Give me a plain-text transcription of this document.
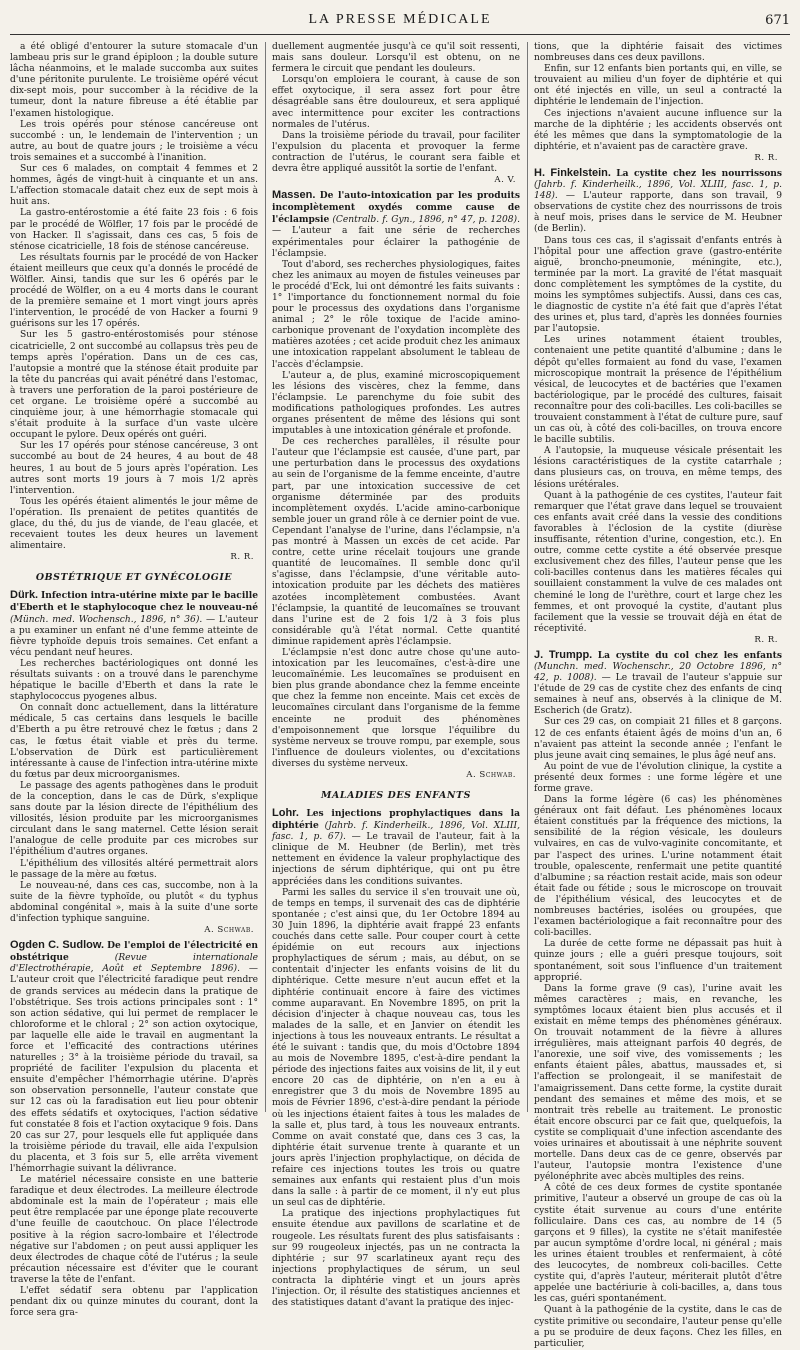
LA PRESSE MÉDICALE	671

a été obligé d'entourer la suture stomacale d'un lambeau pris sur le grand épiploon ; la double suture lâcha néanmoins, et le malade succomba aux suites d'une péritonite purulente. Le troisième opéré vécut dix-sept mois, pour succomber à la récidive de la tumeur, dont la nature fibreuse a été établie par l'examen histologique.

Les trois opérés pour sténose cancéreuse ont succombé : un, le lendemain de l'intervention ; un autre, au bout de quatre jours ; le troisième a vécu trois semaines et a succombé à l'inanition.

Sur ces 6 malades, on comptait 4 femmes et 2 hommes, âgés de vingt-huit à cinquante et un ans. L'affection stomacale datait chez eux de sept mois à huit ans.

La gastro-entérostomie a été faite 23 fois : 6 fois par le procédé de Wölfler, 17 fois par le procédé de von Hacker. Il s'agissait, dans ces cas, 5 fois de sténose cicatricielle, 18 fois de sténose cancéreuse.

Les résultats fournis par le procédé de von Hacker étaient meilleurs que ceux qu'a donnés le procédé de Wölfler. Ainsi, tandis que sur les 6 opérés par le procédé de Wölfler, on a eu 4 morts dans le courant de la première semaine et 1 mort vingt jours après l'intervention, le procédé de von Hacker a fourni 9 guérisons sur les 17 opérés.

Sur les 5 gastro-entérostomisés pour sténose cicatricielle, 2 ont succombé au collapsus très peu de temps après l'opération. Dans un de ces cas, l'autopsie a montré que la sténose était produite par la tête du pancréas qui avait pénétré dans l'estomac, à travers une perforation de la paroi postérieure de cet organe. Le troisième opéré a succombé au cinquième jour, à une hémorrhagie stomacale qui s'était produite à la surface d'un vaste ulcère occupant le pylore. Deux opérés ont guéri.

Sur les 17 opérés pour sténose cancéreuse, 3 ont succombé au bout de 24 heures, 4 au bout de 48 heures, 1 au bout de 5 jours après l'opération. Les autres sont morts 19 jours à 7 mois 1/2 après l'intervention.

Tous les opérés étaient alimentés le jour même de l'opération. Ils prenaient de petites quantités de glace, du thé, du jus de viande, de l'eau glacée, et recevaient toutes les deux heures un lavement alimentaire.

R. R.
OBSTÉTRIQUE ET GYNÉCOLOGIE
Dürk. Infection intra-utérine mixte par le bacille d'Eberth et le staphylocoque chez le nouveau-né (Münch. med. Wochensch., 1896, n° 36). — L'auteur a pu examiner un enfant né d'une femme atteinte de fièvre typhoïde depuis trois semaines. Cet enfant a vécu pendant neuf heures.

Les recherches bactériologiques ont donné les résultats suivants : on a trouvé dans le parenchyme hépatique le bacille d'Eberth et dans la rate le staphylococcus pyogenes albus.

On connaît donc actuellement, dans la littérature médicale, 5 cas certains dans lesquels le bacille d'Eberth a pu être retrouvé chez le fœtus ; dans 2 cas, le fœtus était viable et près du terme. L'observation de Dürk est particulièrement intéressante à cause de l'infection intra-utérine mixte du fœtus par deux microorganismes.

Le passage des agents pathogènes dans le produit de la conception, dans le cas de Dürk, s'explique sans doute par la lésion directe de l'épithélium des villosités, lésion produite par les microorganismes circulant dans le sang maternel. Cette lésion serait l'analogue de celle produite par ces microbes sur l'épithélium d'autres organes.

L'épithélium des villosités altéré permettrait alors le passage de la mère au fœtus.

Le nouveau-né, dans ces cas, succombe, non à la suite de la fièvre typhoïde, ou plutôt « du typhus abdominal congénital », mais à la suite d'une sorte d'infection typhique sanguine.

A. Schwab.
Ogden C. Sudlow. De l'emploi de l'électricité en obstétrique	(Revue internationale d'Electrothérapie, Août et Septembre 1896). — L'auteur croit que l'électricité faradique peut rendre de grands services au médecin dans la pratique de l'obstétrique. Ses trois actions principales sont : 1° son action sédative, qui lui permet de remplacer le chloroforme et le chloral ; 2° son action oxytocique, par laquelle elle aide le travail en augmentant la force et l'efficacité des contractions utérines naturelles ; 3° à la troisième période du travail, sa propriété de faciliter l'expulsion du placenta et ensuite d'empêcher l'hémorrhagie utérine. D'après son observation personnelle, l'auteur constate que sur 12 cas où la faradisation eut lieu pour obtenir des effets sédatifs et oxytociques, l'action sédative fut constatée 8 fois et l'action oxytacique 9 fois. Dans 20 cas sur 27, pour lesquels elle fut appliquée dans la troisième période du travail, elle aida l'expulsion du placenta, et 3 fois sur 5, elle arrêta vivement l'hémorrhagie suivant la délivrance.

Le matériel nécessaire consiste en une batterie faradique et deux électrodes. La meilleure électrode abdominale est la main de l'opérateur ; mais elle peut être remplacée par une éponge plate recouverte d'une feuille de caoutchouc. On place l'électrode positive à la région sacro-lombaire et l'électrode négative sur l'abdomen ; on peut aussi appliquer les deux électrodes de chaque côté de l'utérus ; la seule précaution nécessaire est d'éviter que le courant traverse la tête de l'enfant.

L'effet sédatif sera obtenu par l'application pendant dix ou quinze minutes du courant, dont la force sera gra-

duellement augmentée jusqu'à ce qu'il soit ressenti, mais sans douleur. Lorsqu'il est obtenu, on ne fermera le circuit que pendant les douleurs.

Lorsqu'on emploiera le courant, à cause de son effet oxytocique, il sera assez fort pour être désagréable sans être douloureux, et sera appliqué avec intermittence pour exciter les contractions normales de l'utérus.

Dans la troisième période du travail, pour faciliter l'expulsion du placenta et provoquer la ferme contraction de l'utérus, le courant sera faible et devra être appliqué aussitôt la sortie de l'enfant.

A. V.
Massen. De l'auto-intoxication par les produits incomplètement oxydés comme cause de l'éclampsie (Centralb. f. Gyn., 1896, n° 47, p. 1208). — L'auteur a fait une série de recherches expérimentales pour éclairer la pathogénie de l'éclampsie.

Tout d'abord, ses recherches physiologiques, faites chez les animaux au moyen de fistules veineuses par le procédé d'Eck, lui ont démontré les faits suivants : 1° l'importance du fonctionnement normal du foie pour le processus des oxydations dans l'organisme animal ; 2° le rôle toxique de l'acide amino-carbonique provenant de l'oxydation incomplète des matières azotées ; cet acide produit chez les animaux une intoxication rappelant absolument le tableau de l'accès d'éclampsie.

L'auteur a, de plus, examiné microscopiquement les lésions des viscères, chez la femme, dans l'éclampsie. Le parenchyme du foie subit des modifications pathologiques profondes. Les autres organes présentent de même des lésions qui sont imputables à une intoxication générale et profonde.

De ces recherches parallèles, il résulte pour l'auteur que l'éclampsie est causée, d'une part, par une perturbation dans le processus des oxydations au sein de l'organisme de la femme enceinte, d'autre part, par une intoxication successive de cet organisme déterminée par des produits incomplètement oxydés. L'acide amino-carbonique semble jouer un grand rôle à ce dernier point de vue. Cependant l'analyse de l'urine, dans l'éclampsie, n'a pas montré à Massen un excès de cet acide. Par contre, cette urine récelait toujours une grande quantité de leucomaïnes. Il semble donc qu'il s'agisse, dans l'éclampsie, d'une véritable auto-intoxication produite par les déchets des matières azotées incomplètement combustées. Avant l'éclampsie, la quantité de leucomaïnes se trouvant dans l'urine est de 2 fois 1/2 à 3 fois plus considérable qu'à l'état normal. Cette quantité diminue rapidement après l'éclampsie.

L'éclampsie n'est donc autre chose qu'une auto-intoxication par les leucomaïnes, c'est-à-dire une leucomaïnémie. Les leucomaïnes se produisent en bien plus grande abondance chez la femme enceinte que chez la femme non enceinte. Mais cet excès de leucomaïnes circulant dans l'organisme de la femme enceinte ne produit des phénomènes d'empoisonnement que lorsque l'équilibre du système nerveux se trouve rompu, par exemple, sous l'influence de douleurs violentes, ou d'excitations diverses du système nerveux.

A. Schwab.
MALADIES DES ENFANTS
Lohr. Les injections prophylactiques dans la diphtérie (Jahrb. f. Kinderheilk., 1896, Vol. XLIII, fasc. 1, p. 67). — Le travail de l'auteur, fait à la clinique de M. Heubner (de Berlin), met très nettement en évidence la valeur prophylactique des injections de sérum diphtérique, qui ont pu être appréciées dans les conditions suivantes.

Parmi les salles du service il s'en trouvait une où, de temps en temps, il survenait des cas de diphtérie spontanée ; c'est ainsi que, du 1er Octobre 1894 au 30 Juin 1896, la diphtérie avait frappé 23 enfants couchés dans cette salle. Pour couper court à cette épidémie on eut recours aux injections prophylactiques de sérum ; mais, au début, on se contentait d'injecter les enfants voisins de lit du diphtérique. Cette mesure n'eut aucun effet et la diphtérie continuait encore à faire des victimes comme auparavant. En Novembre 1895, on prit la décision d'injecter à chaque nouveau cas, tous les malades de la salle, et en Janvier on étendit les injections à tous les nouveaux entrants. Le résultat a été le suivant : tandis que, du mois d'Octobre 1894 au mois de Novembre 1895, c'est-à-dire pendant la période des injections faites aux voisins de lit, il y eut encore 20 cas de diphtérie, on n'en a eu à enregistrer que 3 du mois de Novembre 1895 au mois de Février 1896, c'est-à-dire pendant la période où les injections étaient faites à tous les malades de la salle et, plus tard, à tous les nouveaux entrants. Comme on avait constaté que, dans ces 3 cas, la diphtérie était survenue trente à quarante et un jours après l'injection prophylactique, on décida de refaire ces injections toutes les trois ou quatre semaines aux enfants qui restaient plus d'un mois dans la salle : à partir de ce moment, il n'y eut plus un seul cas de diphtérie.

La pratique des injections prophylactiques fut ensuite étendue aux pavillons de scarlatine et de rougeole. Les résultats furent des plus satisfaisants : sur 99 rougeoleux injectés, pas un ne contracta la diphtérie ; sur 97 scarlatineux ayant reçu des injections prophylactiques de sérum, un seul contracta la diphtérie vingt et un jours après l'injection. Or, il résulte des statistiques anciennes et des statistiques datant d'avant la pratique des injec-

tions, que la diphtérie faisait des victimes nombreuses dans ces deux pavillons.

Enfin, sur 12 enfants bien portants qui, en ville, se trouvaient au milieu d'un foyer de diphtérie et qui ont été injectés en ville, un seul a contracté la diphtérie le lendemain de l'injection.

Ces injections n'avaient aucune influence sur la marche de la diphtérie ; les accidents observés ont été les mêmes que dans la symptomatologie de la diphtérie, et n'avaient pas de caractère grave.

R. R.
H. Finkelstein. La cystite chez les nourrissons (Jahrb. f. Kinderheilk., 1896, Vol. XLIII, fasc. 1, p. 148). — L'auteur rapporte, dans son travail, 9 observations de cystite chez des nourrissons de trois à neuf mois, prises dans le service de M. Heubner (de Berlin).

Dans tous ces cas, il s'agissait d'enfants entrés à l'hôpital pour une affection grave (gastro-entérite aiguë, broncho-pneumonie, méningite, etc.), terminée par la mort. La gravité de l'état masquait donc complètement les symptômes de la cystite, du moins les symptômes subjectifs. Aussi, dans ces cas, le diagnostic de cystite n'a été fait que d'après l'état des urines et, plus tard, d'après les données fournies par l'autopsie.

Les urines notamment étaient troubles, contenaient une petite quantité d'albumine ; dans le dépôt qu'elles formaient au fond du vase, l'examen microscopique montrait la présence de l'épithélium vésical, de leucocytes et de bactéries que l'examen bactériologique, par le procédé des cultures, faisait reconnaître pour des coli-bacilles. Les coli-bacilles se trouvaient constamment à l'état de culture pure, sauf un cas où, à côté des coli-bacilles, on trouva encore le bacille subtilis.

A l'autopsie, la muqueuse vésicale présentait les lésions caractéristiques de la cystite catarrhale ; dans plusieurs cas, on trouva, en même temps, des lésions urétérales.

Quant à la pathogénie de ces cystites, l'auteur fait remarquer que l'état grave dans lequel se trouvaient ces enfants avait créé dans la vessie des conditions favorables à l'éclosion de la cystite (diurèse insuffisante, rétention d'urine, congestion, etc.). En outre, comme cette cystite a été observée presque exclusivement chez des filles, l'auteur pense que les coli-bacilles contenus dans les matières fécales qui souillaient constamment la vulve de ces malades ont cheminé le long de l'urèthre, court et large chez les femmes, et ont provoqué la cystite, d'autant plus facilement que la vessie se trouvait déjà en état de réceptivité.

R. R.
J. Trumpp. La cystite du col chez les enfants (Munchn. med. Wochenschr., 20 Octobre 1896, n° 42, p. 1008). — Le travail de l'auteur s'appuie sur l'étude de 29 cas de cystite chez des enfants de cinq semaines à neuf ans, observés à la clinique de M. Escherich (de Gratz).

Sur ces 29 cas, on compiait 21 filles et 8 garçons. 12 de ces enfants étaient âgés de moins d'un an, 6 n'avaient pas atteint la seconde année ; l'enfant le plus jeune avait cinq semaines, le plus âgé neuf ans.

Au point de vue de l'évolution clinique, la cystite a présenté deux formes : une forme légère et une forme grave.

Dans la forme légère (6 cas) les phénomènes généraux ont fait défaut. Les phénomènes locaux étaient constitués par la fréquence des mictions, la sensibilité de la région vésicale, les douleurs vulvaires, en cas de vulvo-vaginite concomitante, et par l'aspect des urines. L'urine notamment était trouble, opalescente, renfermait une petite quantité d'albumine ; sa réaction restait acide, mais son odeur était fade ou fétide ; sous le microscope on trouvait de l'épithélium vésical, des leucocytes et de nombreuses bactéries, isolées ou groupées, que l'examen bactériologique a fait reconnaître pour des coli-bacilles.

La durée de cette forme ne dépassait pas huit à quinze jours ; elle a guéri presque toujours, soit spontanément, soit sous l'influence d'un traitement approprié.

Dans la forme grave (9 cas), l'urine avait les mêmes caractères ; mais, en revanche, les symptômes locaux étaient bien plus accusés et il existait en même temps des phénomènes généraux. On trouvait notamment de la fièvre à allures irrégulières, mais atteignant parfois 40 degrés, de l'anorexie, une soif vive, des vomissements ; les enfants étaient pâles, abattus, maussades et, si l'affection se prolongeait, il se manifestait de l'amaigrissement. Dans cette forme, la cystite durait pendant des semaines et même des mois, et se montrait très rebelle au traitement. Le pronostic était encore obscurci par ce fait que, quelquefois, la cystite se compliquait d'une infection ascendante des voies urinaires et aboutissait à une néphrite souvent mortelle. Dans deux cas de ce genre, observés par l'auteur, l'autopsie montra l'existence d'une pyélonéphrite avec abcès multiples des reins.

A côté de ces deux formes de cystite spontanée primitive, l'auteur a observé un groupe de cas où la cystite était survenue au cours d'une entérite folliculaire. Dans ces cas, au nombre de 14 (5 garçons et 9 filles), la cystite ne s'était manifestée par aucun symptôme d'ordre local, ni général ; mais les urines étaient troubles et renfermaient, à côté des leucocytes, de nombreux coli-bacilles. Cette cystite qui, d'après l'auteur, mériterait plutôt d'être appelée une bactériurie à coli-bacilles, a, dans tous les cas, guéri spontanément.

Quant à la pathogénie de la cystite, dans le cas de cystite primitive ou secondaire, l'auteur pense qu'elle a pu se produire de deux façons. Chez les filles, en particulier,
